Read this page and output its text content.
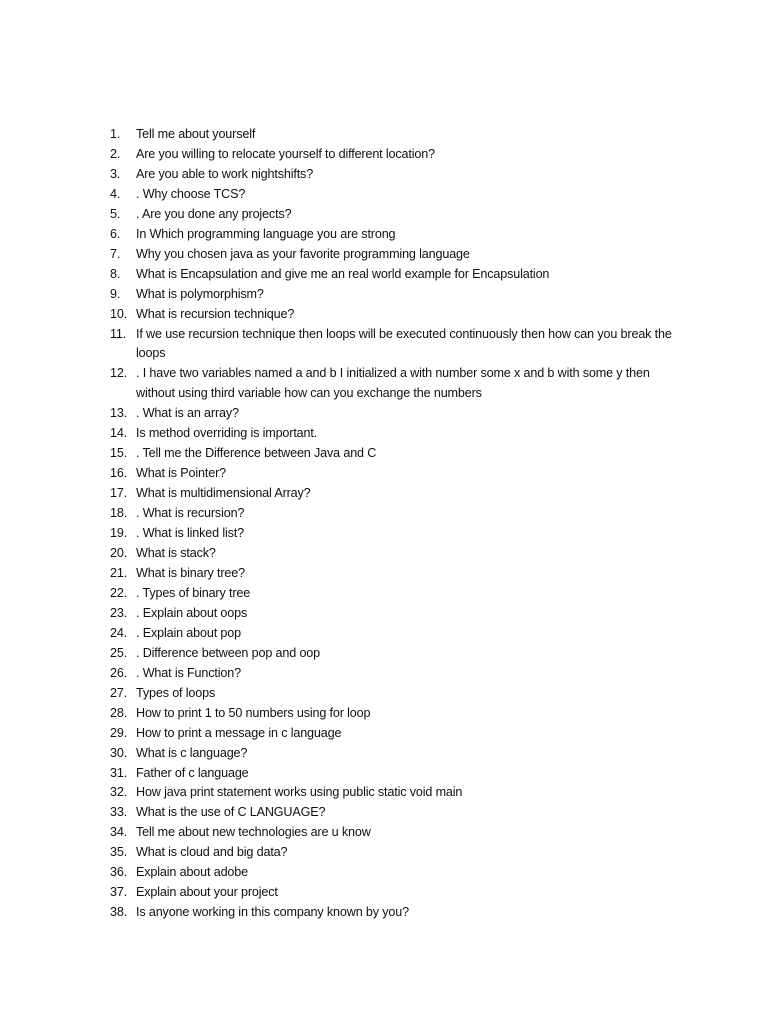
1.	Tell me about yourself
2.	Are you willing to relocate yourself to different location?
3.	Are you able to work nightshifts?
4.	. Why choose TCS?
5.	. Are you done any projects?
6.	In Which programming language you are strong
7.	Why you chosen java as your favorite programming language
8.	What is Encapsulation and give me an real world example for Encapsulation
9.	What is polymorphism?
10. What is recursion technique?
11. If we use recursion technique then loops will be executed continuously then how can you break the loops
12. . I have two variables named a and b I initialized a with number some x and b with some y then without using third variable how can you exchange the numbers
13. . What is an array?
14. Is method overriding is important.
15. . Tell me the Difference between Java and C
16. What is Pointer?
17. What is multidimensional Array?
18. . What is recursion?
19. . What is linked list?
20. What is stack?
21. What is binary tree?
22. . Types of binary tree
23. . Explain about oops
24. . Explain about pop
25. . Difference between pop and oop
26. . What is Function?
27. Types of loops
28. How to print 1 to 50 numbers using for loop
29. How to print a message in c language
30. What is c language?
31. Father of c language
32. How java print statement works using public static void main
33. What is the use of C LANGUAGE?
34. Tell me about new technologies are u know
35. What is cloud and big data?
36. Explain about adobe
37. Explain about your project
38. Is anyone working in this company known by you?
